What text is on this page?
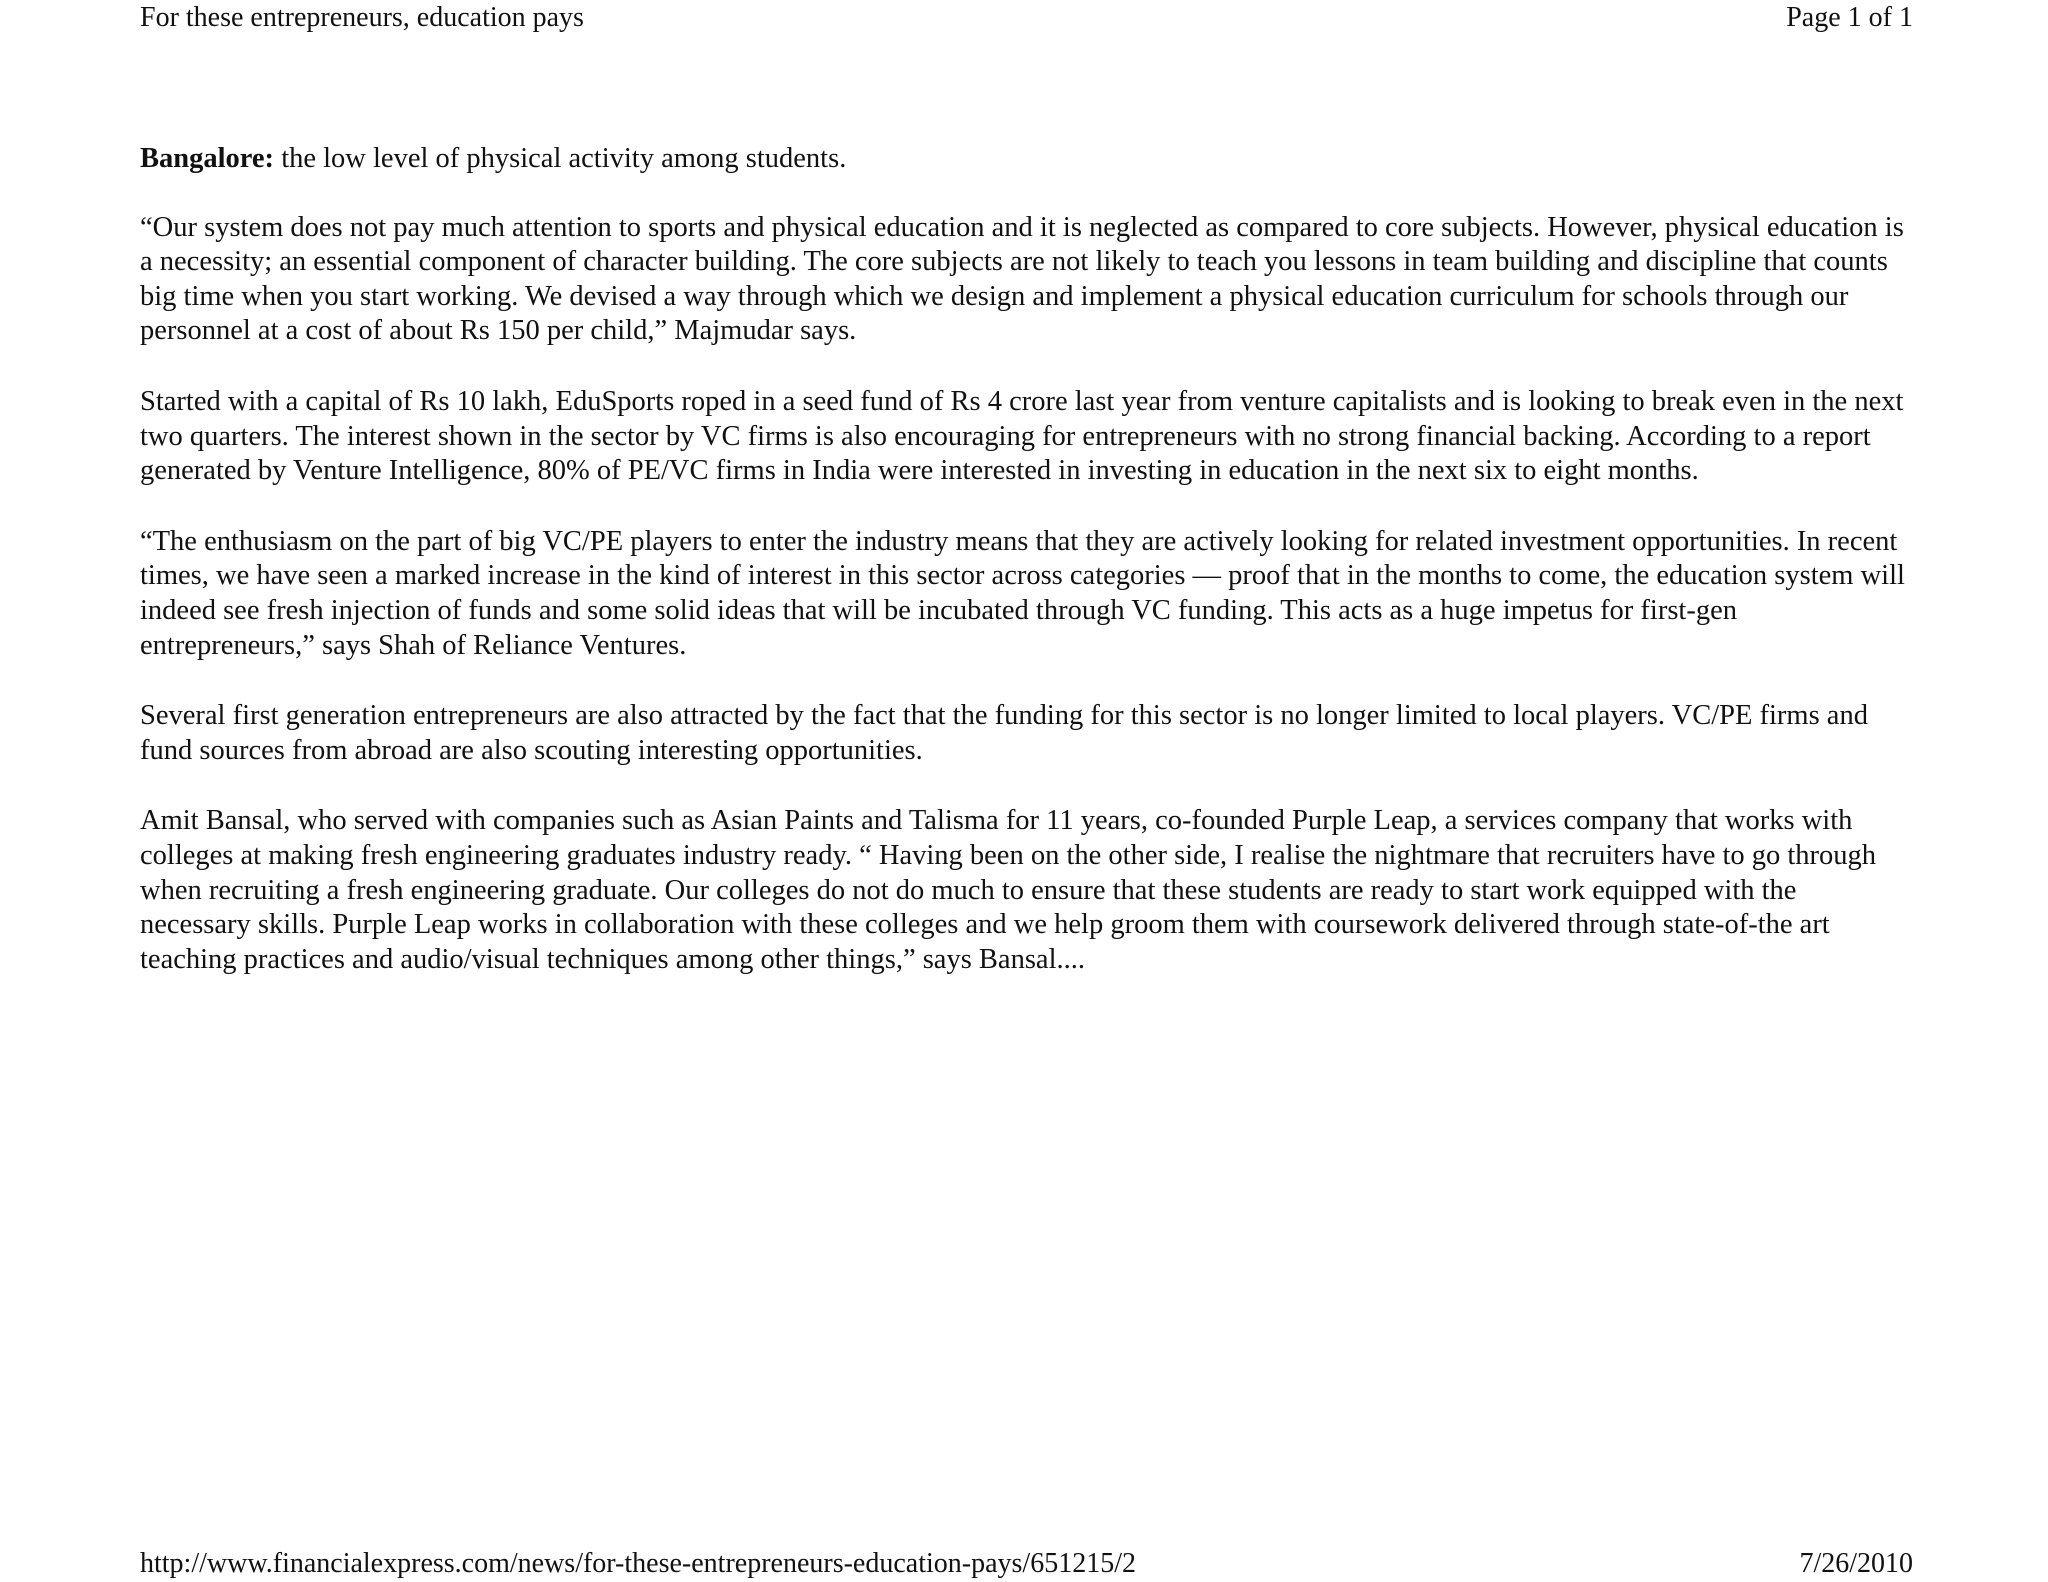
For these entrepreneurs, education pays	Page 1 of 1

Bangalore: the low level of physical activity among students.

“Our system does not pay much attention to sports and physical education and it is neglected as compared to core subjects. However, physical education is a necessity; an essential component of character building. The core subjects are not likely to teach you lessons in team building and discipline that counts big time when you start working. We devised a way through which we design and implement a physical education curriculum for schools through our personnel at a cost of about Rs 150 per child,” Majmudar says.

Started with a capital of Rs 10 lakh, EduSports roped in a seed fund of Rs 4 crore last year from venture capitalists and is looking to break even in the next two quarters. The interest shown in the sector by VC firms is also encouraging for entrepreneurs with no strong financial backing. According to a report generated by Venture Intelligence, 80% of PE/VC firms in India were interested in investing in education in the next six to eight months.

“The enthusiasm on the part of big VC/PE players to enter the industry means that they are actively looking for related investment opportunities. In recent times, we have seen a marked increase in the kind of interest in this sector across categories — proof that in the months to come, the education system will indeed see fresh injection of funds and some solid ideas that will be incubated through VC funding. This acts as a huge impetus for first-gen entrepreneurs,” says Shah of Reliance Ventures.

Several first generation entrepreneurs are also attracted by the fact that the funding for this sector is no longer limited to local players. VC/PE firms and fund sources from abroad are also scouting interesting opportunities.

Amit Bansal, who served with companies such as Asian Paints and Talisma for 11 years, co-founded Purple Leap, a services company that works with colleges at making fresh engineering graduates industry ready. “ Having been on the other side, I realise the nightmare that recruiters have to go through when recruiting a fresh engineering graduate. Our colleges do not do much to ensure that these students are ready to start work equipped with the necessary skills. Purple Leap works in collaboration with these colleges and we help groom them with coursework delivered through state-of-the art teaching practices and audio/visual techniques among other things,” says Bansal....

http://www.financialexpress.com/news/for-these-entrepreneurs-education-pays/651215/2	7/26/2010
